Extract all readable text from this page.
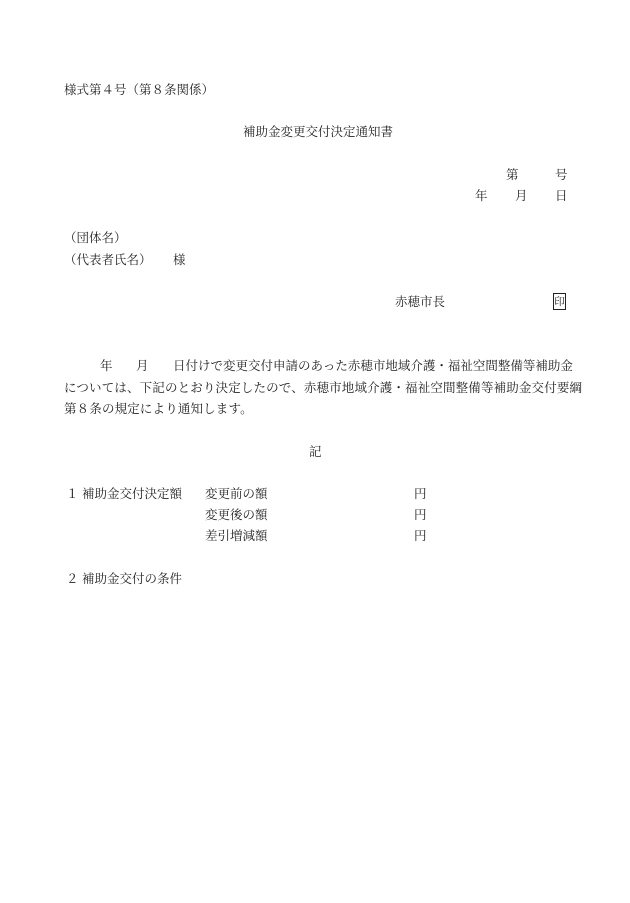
様式第４号（第８条関係）
補助金変更交付決定通知書
第	号
年 月 日
（団体名）
（代表者氏名） 様
赤穂市長	印
年 月 日付けで変更交付申請のあった赤穂市地域介護・福祉空間整備等補助金
については、下記のとおり決定したので、赤穂市地域介護・福祉空間整備等補助金交付要綱
第８条の規定により通知します。
記
１ 補助金交付決定額 変更前の額	円
変更後の額	円
差引増減額	円
２ 補助金交付の条件
